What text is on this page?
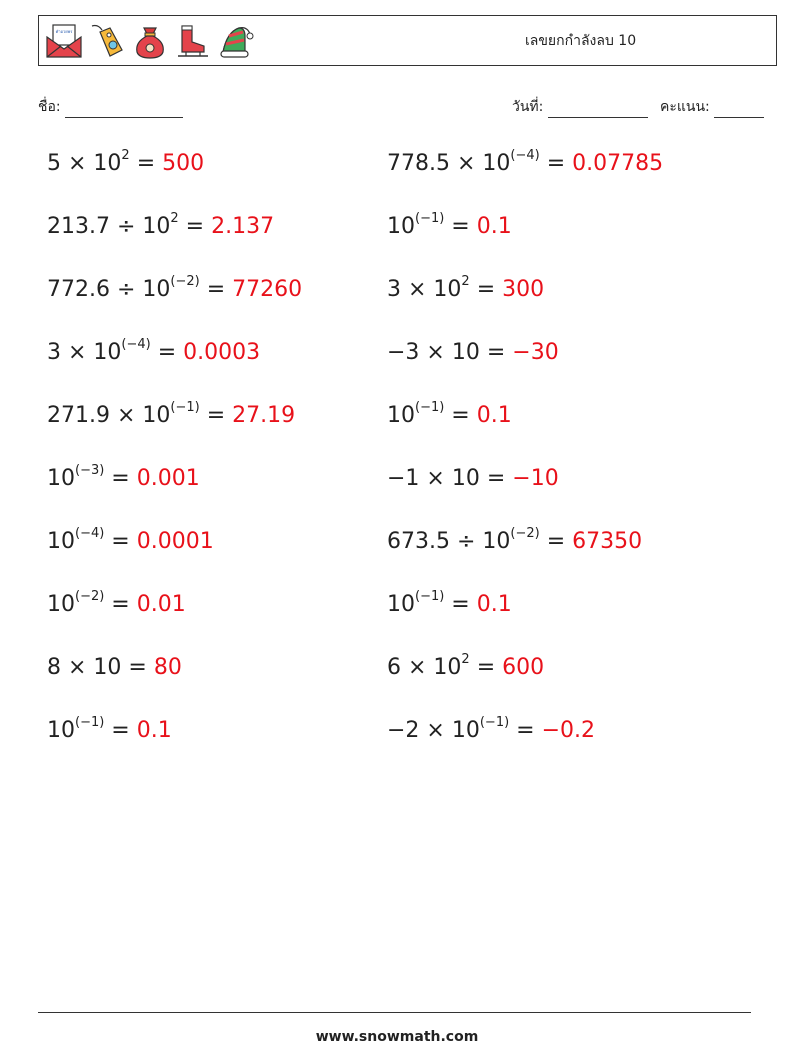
คำอวยพร
เลขยกกำลังลบ 10
ชื่อ:	วันที่:	คะแนน:
$5 \times 10^2 = 500$	$778.5 \times 10^{(-4)} = 0.07785$
$213.7 \div 10^2 = 2.137$	$10^{(-1)} = 0.1$
$772.6 \div 10^{(-2)} = 77260$	$3 \times 10^2 = 300$
$3 \times 10^{(-4)} = 0.0003$	−3 × 10 = −30
$271.9 \times 10^{(-1)} = 27.19$	$10^{(-1)} = 0.1$
$10^{(-3)} = 0.001$	−1 × 10 = −10
$10^{(-4)} = 0.0001$	$673.5 \div 10^{(-2)} = 67350$
$10^{(-2)} = 0.01$	$10^{(-1)} = 0.1$
8 × 10 = 80	$6 \times 10^2 = 600$
$10^{(-1)} = 0.1$	$-2 \times 10^{(-1)} = -0.2$
www.snowmath.com
